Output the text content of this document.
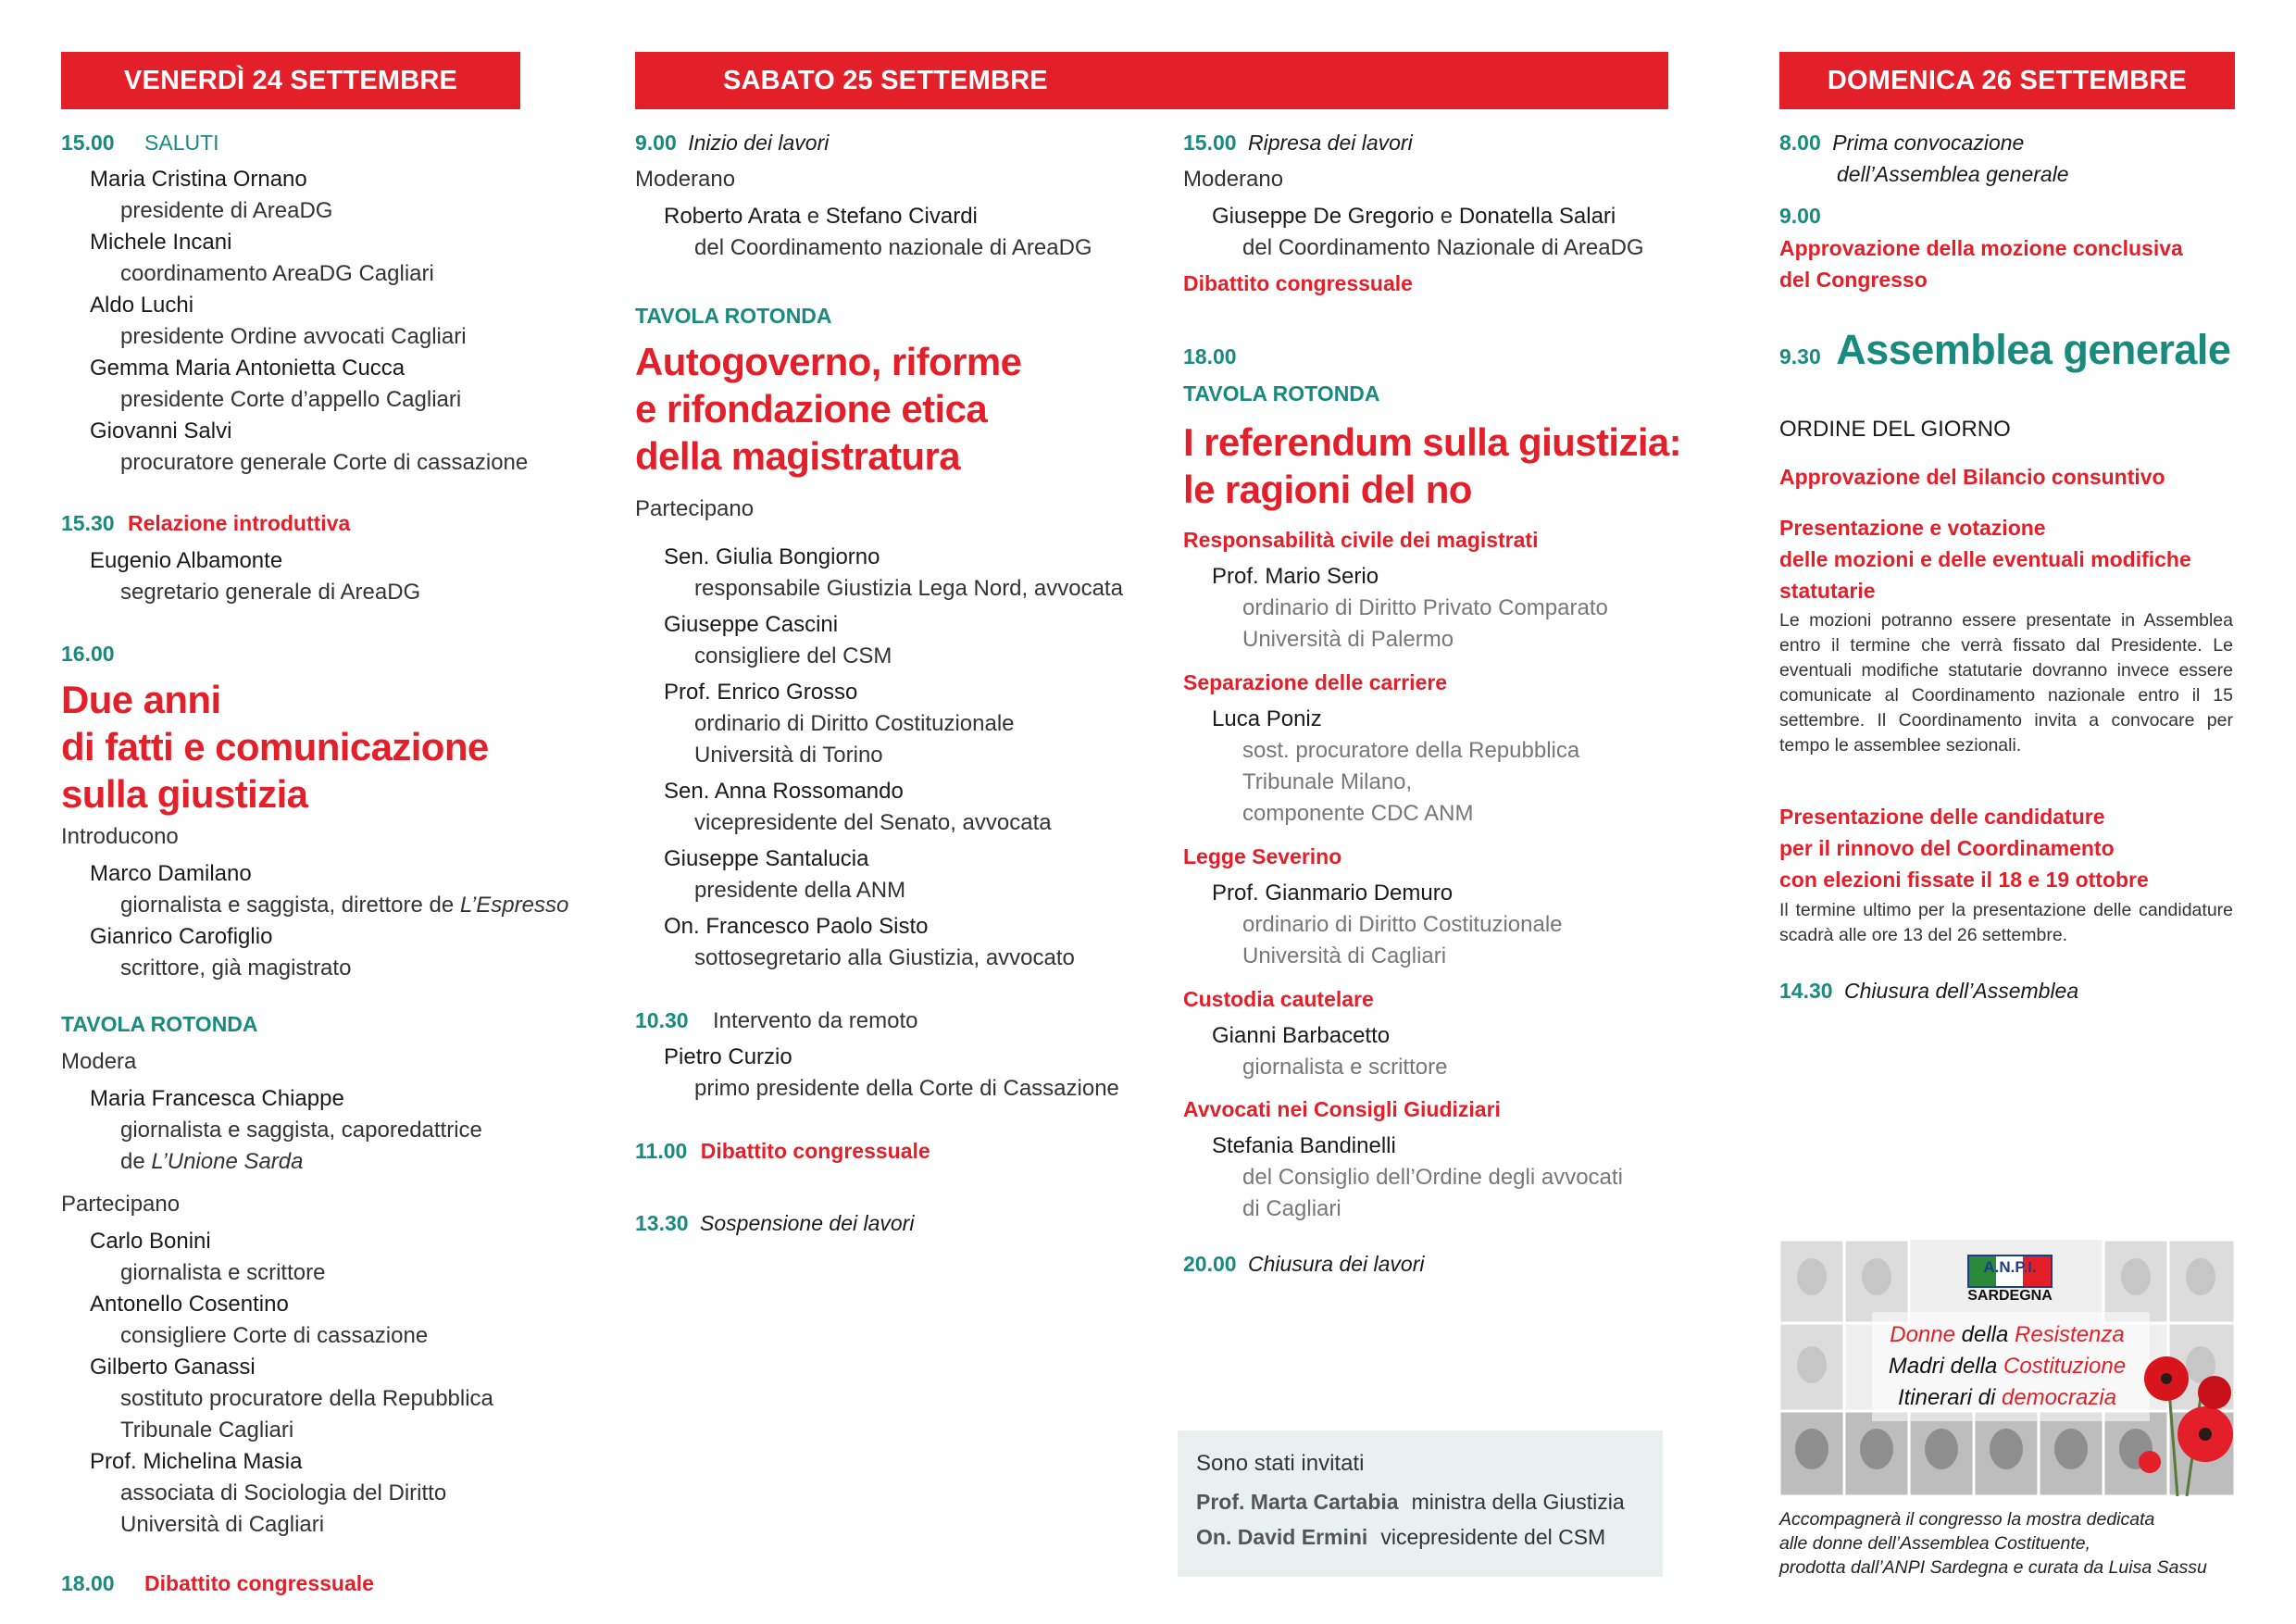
VENERDÌ 24 SETTEMBRE
15.00 SALUTI
Maria Cristina Ornano
presidente di AreaDG
Michele Incani
coordinamento AreaDG Cagliari
Aldo Luchi
presidente Ordine avvocati Cagliari
Gemma Maria Antonietta Cucca
presidente Corte d’appello Cagliari
Giovanni Salvi
procuratore generale Corte di cassazione
15.30 Relazione introduttiva
Eugenio Albamonte
segretario generale di AreaDG
16.00
Due anni
di fatti e comunicazione
sulla giustizia
Introducono
Marco Damilano
giornalista e saggista, direttore de L’Espresso
Gianrico Carofiglio
scrittore, già magistrato
TAVOLA ROTONDA
Modera
Maria Francesca Chiappe
giornalista e saggista, caporedattrice
de L’Unione Sarda
Partecipano
Carlo Bonini
giornalista e scrittore
Antonello Cosentino
consigliere Corte di cassazione
Gilberto Ganassi
sostituto procuratore della Repubblica
Tribunale Cagliari
Prof. Michelina Masia
associata di Sociologia del Diritto
Università di Cagliari
18.00 Dibattito congressuale
SABATO 25 SETTEMBRE
9.00 Inizio dei lavori
Moderano
Roberto Arata e Stefano Civardi
del Coordinamento nazionale di AreaDG
TAVOLA ROTONDA
Autogoverno, riforme
e rifondazione etica
della magistratura
Partecipano
Sen. Giulia Bongiorno
responsabile Giustizia Lega Nord, avvocata
Giuseppe Cascini
consigliere del CSM
Prof. Enrico Grosso
ordinario di Diritto Costituzionale
Università di Torino
Sen. Anna Rossomando
vicepresidente del Senato, avvocata
Giuseppe Santalucia
presidente della ANM
On. Francesco Paolo Sisto
sottosegretario alla Giustizia, avvocato
10.30 Intervento da remoto
Pietro Curzio
primo presidente della Corte di Cassazione
11.00 Dibattito congressuale
13.30 Sospensione dei lavori
15.00 Ripresa dei lavori
Moderano
Giuseppe De Gregorio e Donatella Salari
del Coordinamento Nazionale di AreaDG
Dibattito congressuale
18.00
TAVOLA ROTONDA
I referendum sulla giustizia:
le ragioni del no
Responsabilità civile dei magistrati
Prof. Mario Serio
ordinario di Diritto Privato Comparato
Università di Palermo
Separazione delle carriere
Luca Poniz
sost. procuratore della Repubblica
Tribunale Milano,
componente CDC ANM
Legge Severino
Prof. Gianmario Demuro
ordinario di Diritto Costituzionale
Università di Cagliari
Custodia cautelare
Gianni Barbacetto
giornalista e scrittore
Avvocati nei Consigli Giudiziari
Stefania Bandinelli
del Consiglio dell’Ordine degli avvocati
di Cagliari
20.00 Chiusura dei lavori
Sono stati invitati
Prof. Marta Cartabia ministra della Giustizia
On. David Ermini vicepresidente del CSM
DOMENICA 26 SETTEMBRE
8.00 Prima convocazione
dell’Assemblea generale
9.00
Approvazione della mozione conclusiva
del Congresso
9.30 Assemblea generale
ORDINE DEL GIORNO
Approvazione del Bilancio consuntivo
Presentazione e votazione
delle mozioni e delle eventuali modifiche
statutarie
Le mozioni potranno essere presentate in Assemblea entro il termine che verrà fissato dal Presidente. Le eventuali modifiche statutarie dovranno invece essere comunicate al Coordinamento nazionale entro il 15 settembre. Il Coordinamento invita a convocare per tempo le assemblee sezionali.
Presentazione delle candidature
per il rinnovo del Coordinamento
con elezioni fissate il 18 e 19 ottobre
Il termine ultimo per la presentazione delle candidature scadrà alle ore 13 del 26 settembre.
14.30 Chiusura dell’Assemblea
A.N.P.I.
SARDEGNA
Donne della Resistenza
Madri della Costituzione
Itinerari di democrazia
Accompagnerà il congresso la mostra dedicata
alle donne dell’Assemblea Costituente,
prodotta dall’ANPI Sardegna e curata da Luisa Sassu
